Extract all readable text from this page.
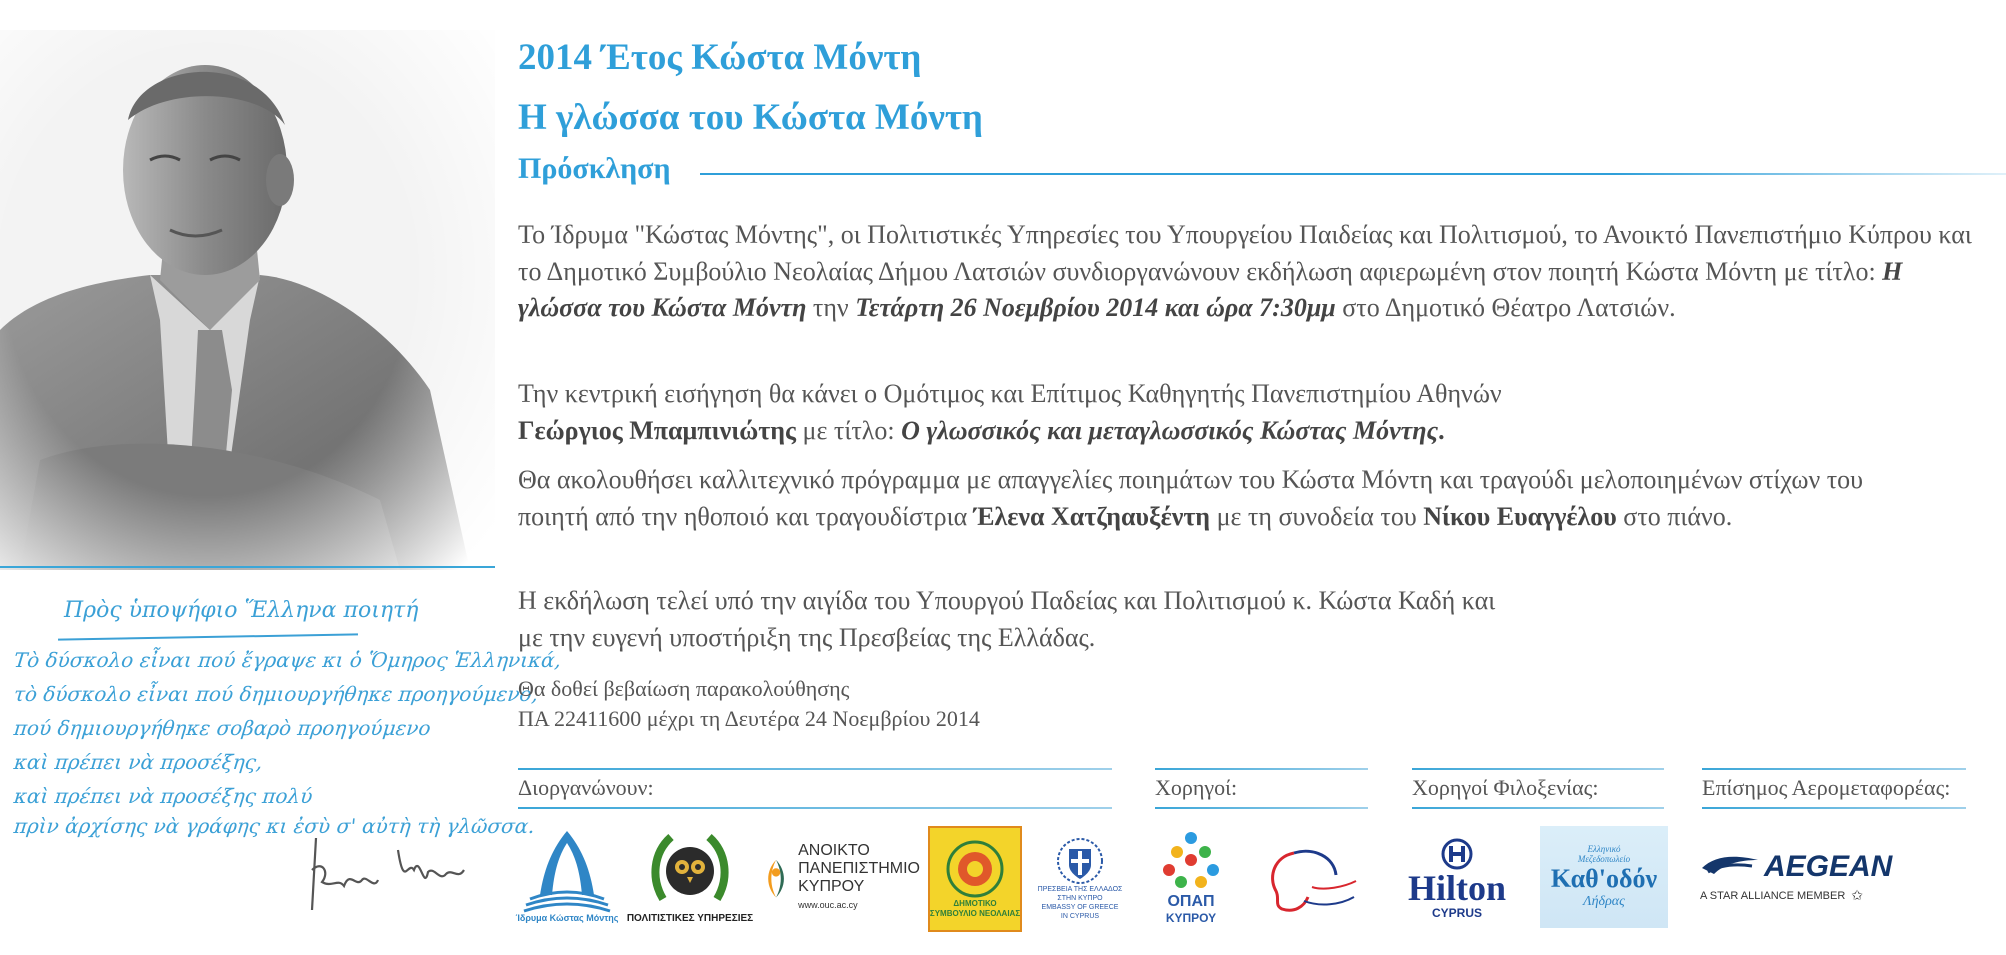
Πρὸς ὑποψήφιο Ἕλληνα ποιητή
Τὸ δύσκολο εἶναι πού ἔγραψε κι ὁ Ὅμηρος Ἑλληνικά,
τὸ δύσκολο εἶναι πού δημιουργήθηκε προηγούμενο,
πού δημιουργήθηκε σοβαρὸ προηγούμενο
καὶ πρέπει νὰ προσέξης,
καὶ πρέπει νὰ προσέξης πολύ
πρὶν ἀρχίσης νὰ γράφης κι ἐσὺ σ' αὐτὴ τὴ γλῶσσα.
2014 Έτος Κώστα Μόντη
Η γλώσσα του Κώστα Μόντη
Πρόσκληση
Το Ίδρυμα "Κώστας Μόντης", οι Πολιτιστικές Υπηρεσίες του Υπουργείου Παιδείας και Πολιτισμού, το Ανοικτό Πανεπιστήμιο Κύπρου και το Δημοτικό Συμβούλιο Νεολαίας Δήμου Λατσιών συνδιοργανώνουν εκδήλωση αφιερωμένη στον ποιητή Κώστα Μόντη με τίτλο: Η γλώσσα του Κώστα Μόντη την Τετάρτη 26 Νοεμβρίου 2014 και ώρα 7:30μμ στο Δημοτικό Θέατρο Λατσιών.
Την κεντρική εισήγηση θα κάνει ο Ομότιμος και Επίτιμος Καθηγητής Πανεπιστημίου Αθηνών
Γεώργιος Μπαμπινιώτης με τίτλο: Ο γλωσσικός και μεταγλωσσικός Κώστας Μόντης.
Θα ακολουθήσει καλλιτεχνικό πρόγραμμα με απαγγελίες ποιημάτων του Κώστα Μόντη και τραγούδι μελοποιημένων στίχων του ποιητή από την ηθοποιό και τραγουδίστρια Έλενα Χατζηαυξέντη με τη συνοδεία του Νίκου Ευαγγέλου στο πιάνο.
Η εκδήλωση τελεί υπό την αιγίδα του Υπουργού Παδείας και Πολιτισμού κ. Κώστα Καδή και
με την ευγενή υποστήριξη της Πρεσβείας της Ελλάδας.
Θα δοθεί βεβαίωση παρακολούθησης
ΠΑ 22411600 μέχρι τη Δευτέρα 24 Νοεμβρίου 2014
Διοργανώνουν:	Χορηγοί:	Χορηγοί Φιλοξενίας:	Επίσημος Αερομεταφορέας:
Ίδρυμα Κώστας Μόντης ΠΟΛΙΤΙΣΤΙΚΕΣ ΥΠΗΡΕΣΙΕΣ
ΑΝΟΙΚΤΟ
ΠΑΝΕΠΙΣΤΗΜΙΟ
ΚΥΠΡΟΥ
www.ouc.ac.cy	ΔΗΜΟΤΙΚΟ
ΣΥΜΒΟΥΛΙΟ ΝΕΟΛΑΙΑΣ
ΠΡΕΣΒΕΙΑ ΤΗΣ ΕΛΛΑΔΟΣ
ΣΤΗΝ ΚΥΠΡΟ
EMBASSY OF GREECE
IN CYPRUS
ΟΠΑΠ
ΚΥΠΡΟΥ
Hilton
CYPRUS
Ελληνικό
Μεζεδοπωλείο
Καθ'οδόν
Λήδρας
AEGEAN
A STAR ALLIANCE MEMBER ✩
